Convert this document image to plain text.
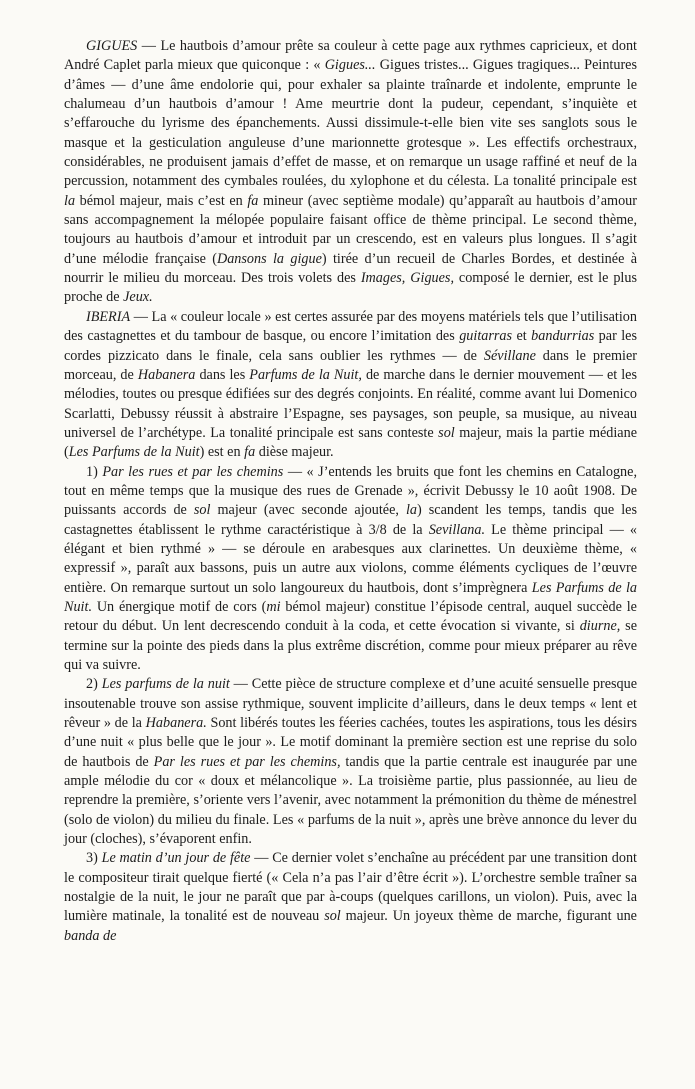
GIGUES — Le hautbois d’amour prête sa couleur à cette page aux rythmes capricieux, et dont André Caplet parla mieux que quiconque : « Gigues... Gigues tristes... Gigues tragiques... Peintures d’âmes — d’une âme endolorie qui, pour exhaler sa plainte traînarde et indolente, emprunte le chalumeau d’un hautbois d’amour ! Ame meurtrie dont la pudeur, cependant, s’inquiète et s’effarouche du lyrisme des épanchements. Aussi dissimule-t-elle bien vite ses sanglots sous le masque et la gesticulation anguleuse d’une marionnette grotesque ». Les effectifs orchestraux, considérables, ne produisent jamais d’effet de masse, et on remarque un usage raffiné et neuf de la percussion, notamment des cymbales roulées, du xylophone et du célesta. La tonalité principale est la bémol majeur, mais c’est en fa mineur (avec septième modale) qu’apparaît au hautbois d’amour sans accompagnement la mélopée populaire faisant office de thème principal. Le second thème, toujours au hautbois d’amour et introduit par un crescendo, est en valeurs plus longues. Il s’agit d’une mélodie française (Dansons la gigue) tirée d’un recueil de Charles Bordes, et destinée à nourrir le milieu du morceau. Des trois volets des Images, Gigues, composé le dernier, est le plus proche de Jeux.

IBERIA — La « couleur locale » est certes assurée par des moyens matériels tels que l’utilisation des castagnettes et du tambour de basque, ou encore l’imitation des guitarras et bandurrias par les cordes pizzicato dans le finale, cela sans oublier les rythmes — de Sévillane dans le premier morceau, de Habanera dans les Parfums de la Nuit, de marche dans le dernier mouvement — et les mélodies, toutes ou presque édifiées sur des degrés conjoints. En réalité, comme avant lui Domenico Scarlatti, Debussy réussit à abstraire l’Espagne, ses paysages, son peuple, sa musique, au niveau universel de l’archétype. La tonalité principale est sans conteste sol majeur, mais la partie médiane (Les Parfums de la Nuit) est en fa dièse majeur.

1) Par les rues et par les chemins — « J’entends les bruits que font les chemins en Catalogne, tout en même temps que la musique des rues de Grenade », écrivit Debussy le 10 août 1908. De puissants accords de sol majeur (avec seconde ajoutée, la) scandent les temps, tandis que les castagnettes établissent le rythme caractéristique à 3/8 de la Sevillana. Le thème principal — « élégant et bien rythmé » — se déroule en arabesques aux clarinettes. Un deuxième thème, « expressif », paraît aux bassons, puis un autre aux violons, comme éléments cycliques de l’œuvre entière. On remarque surtout un solo langoureux du hautbois, dont s’imprègnera Les Parfums de la Nuit. Un énergique motif de cors (mi bémol majeur) constitue l’épisode central, auquel succède le retour du début. Un lent decrescendo conduit à la coda, et cette évocation si vivante, si diurne, se termine sur la pointe des pieds dans la plus extrême discrétion, comme pour mieux préparer au rêve qui va suivre.

2) Les parfums de la nuit — Cette pièce de structure complexe et d’une acuité sensuelle presque insoutenable trouve son assise rythmique, souvent implicite d’ailleurs, dans le deux temps « lent et rêveur » de la Habanera. Sont libérés toutes les féeries cachées, toutes les aspirations, tous les désirs d’une nuit « plus belle que le jour ». Le motif dominant la première section est une reprise du solo de hautbois de Par les rues et par les chemins, tandis que la partie centrale est inaugurée par une ample mélodie du cor « doux et mélancolique ». La troisième partie, plus passionnée, au lieu de reprendre la première, s’oriente vers l’avenir, avec notamment la prémonition du thème de ménestrel (solo de violon) du milieu du finale. Les « parfums de la nuit », après une brève annonce du lever du jour (cloches), s’évaporent enfin.

3) Le matin d’un jour de fête — Ce dernier volet s’enchaîne au précédent par une transition dont le compositeur tirait quelque fierté (« Cela n’a pas l’air d’être écrit »). L’orchestre semble traîner sa nostalgie de la nuit, le jour ne paraît que par à-coups (quelques carillons, un violon). Puis, avec la lumière matinale, la tonalité est de nouveau sol majeur. Un joyeux thème de marche, figurant une banda de
